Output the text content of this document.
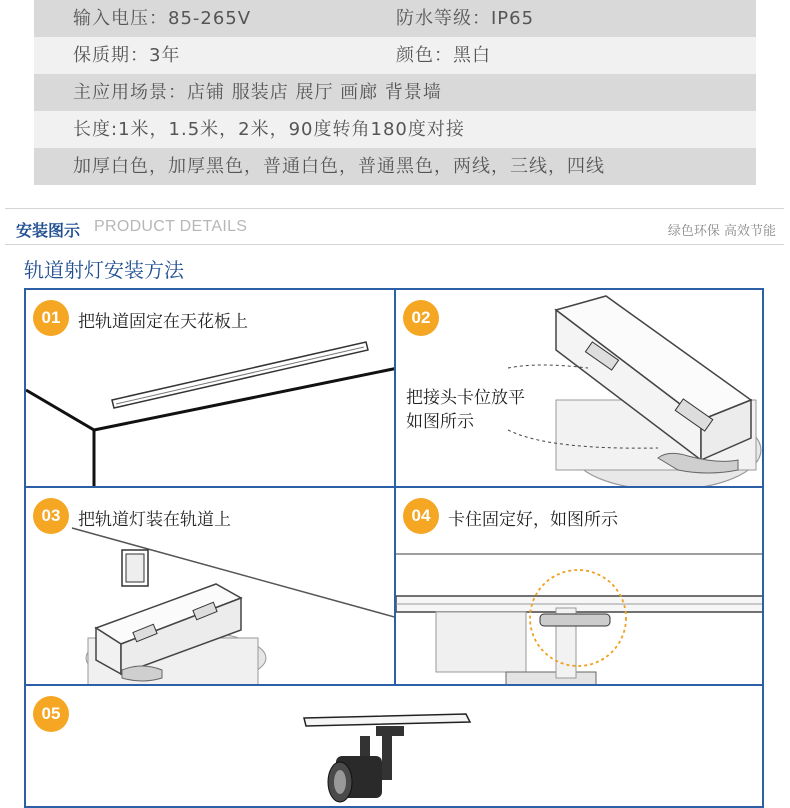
输入电压：85-265V	防水等级：IP65
保质期：3年	颜色：黑白
主应用场景：店铺 服装店 展厅 画廊 背景墙
长度:1米，1.5米，2米，90度转角180度对接
加厚白色，加厚黑色，普通白色，普通黑色，两线，三线，四线
安装图示 PRODUCT DETAILS	绿色环保 高效节能
轨道射灯安装方法
01	把轨道固定在天花板上	02
把接头卡位放平
如图所示
03	把轨道灯装在轨道上	04	卡住固定好，如图所示
05
